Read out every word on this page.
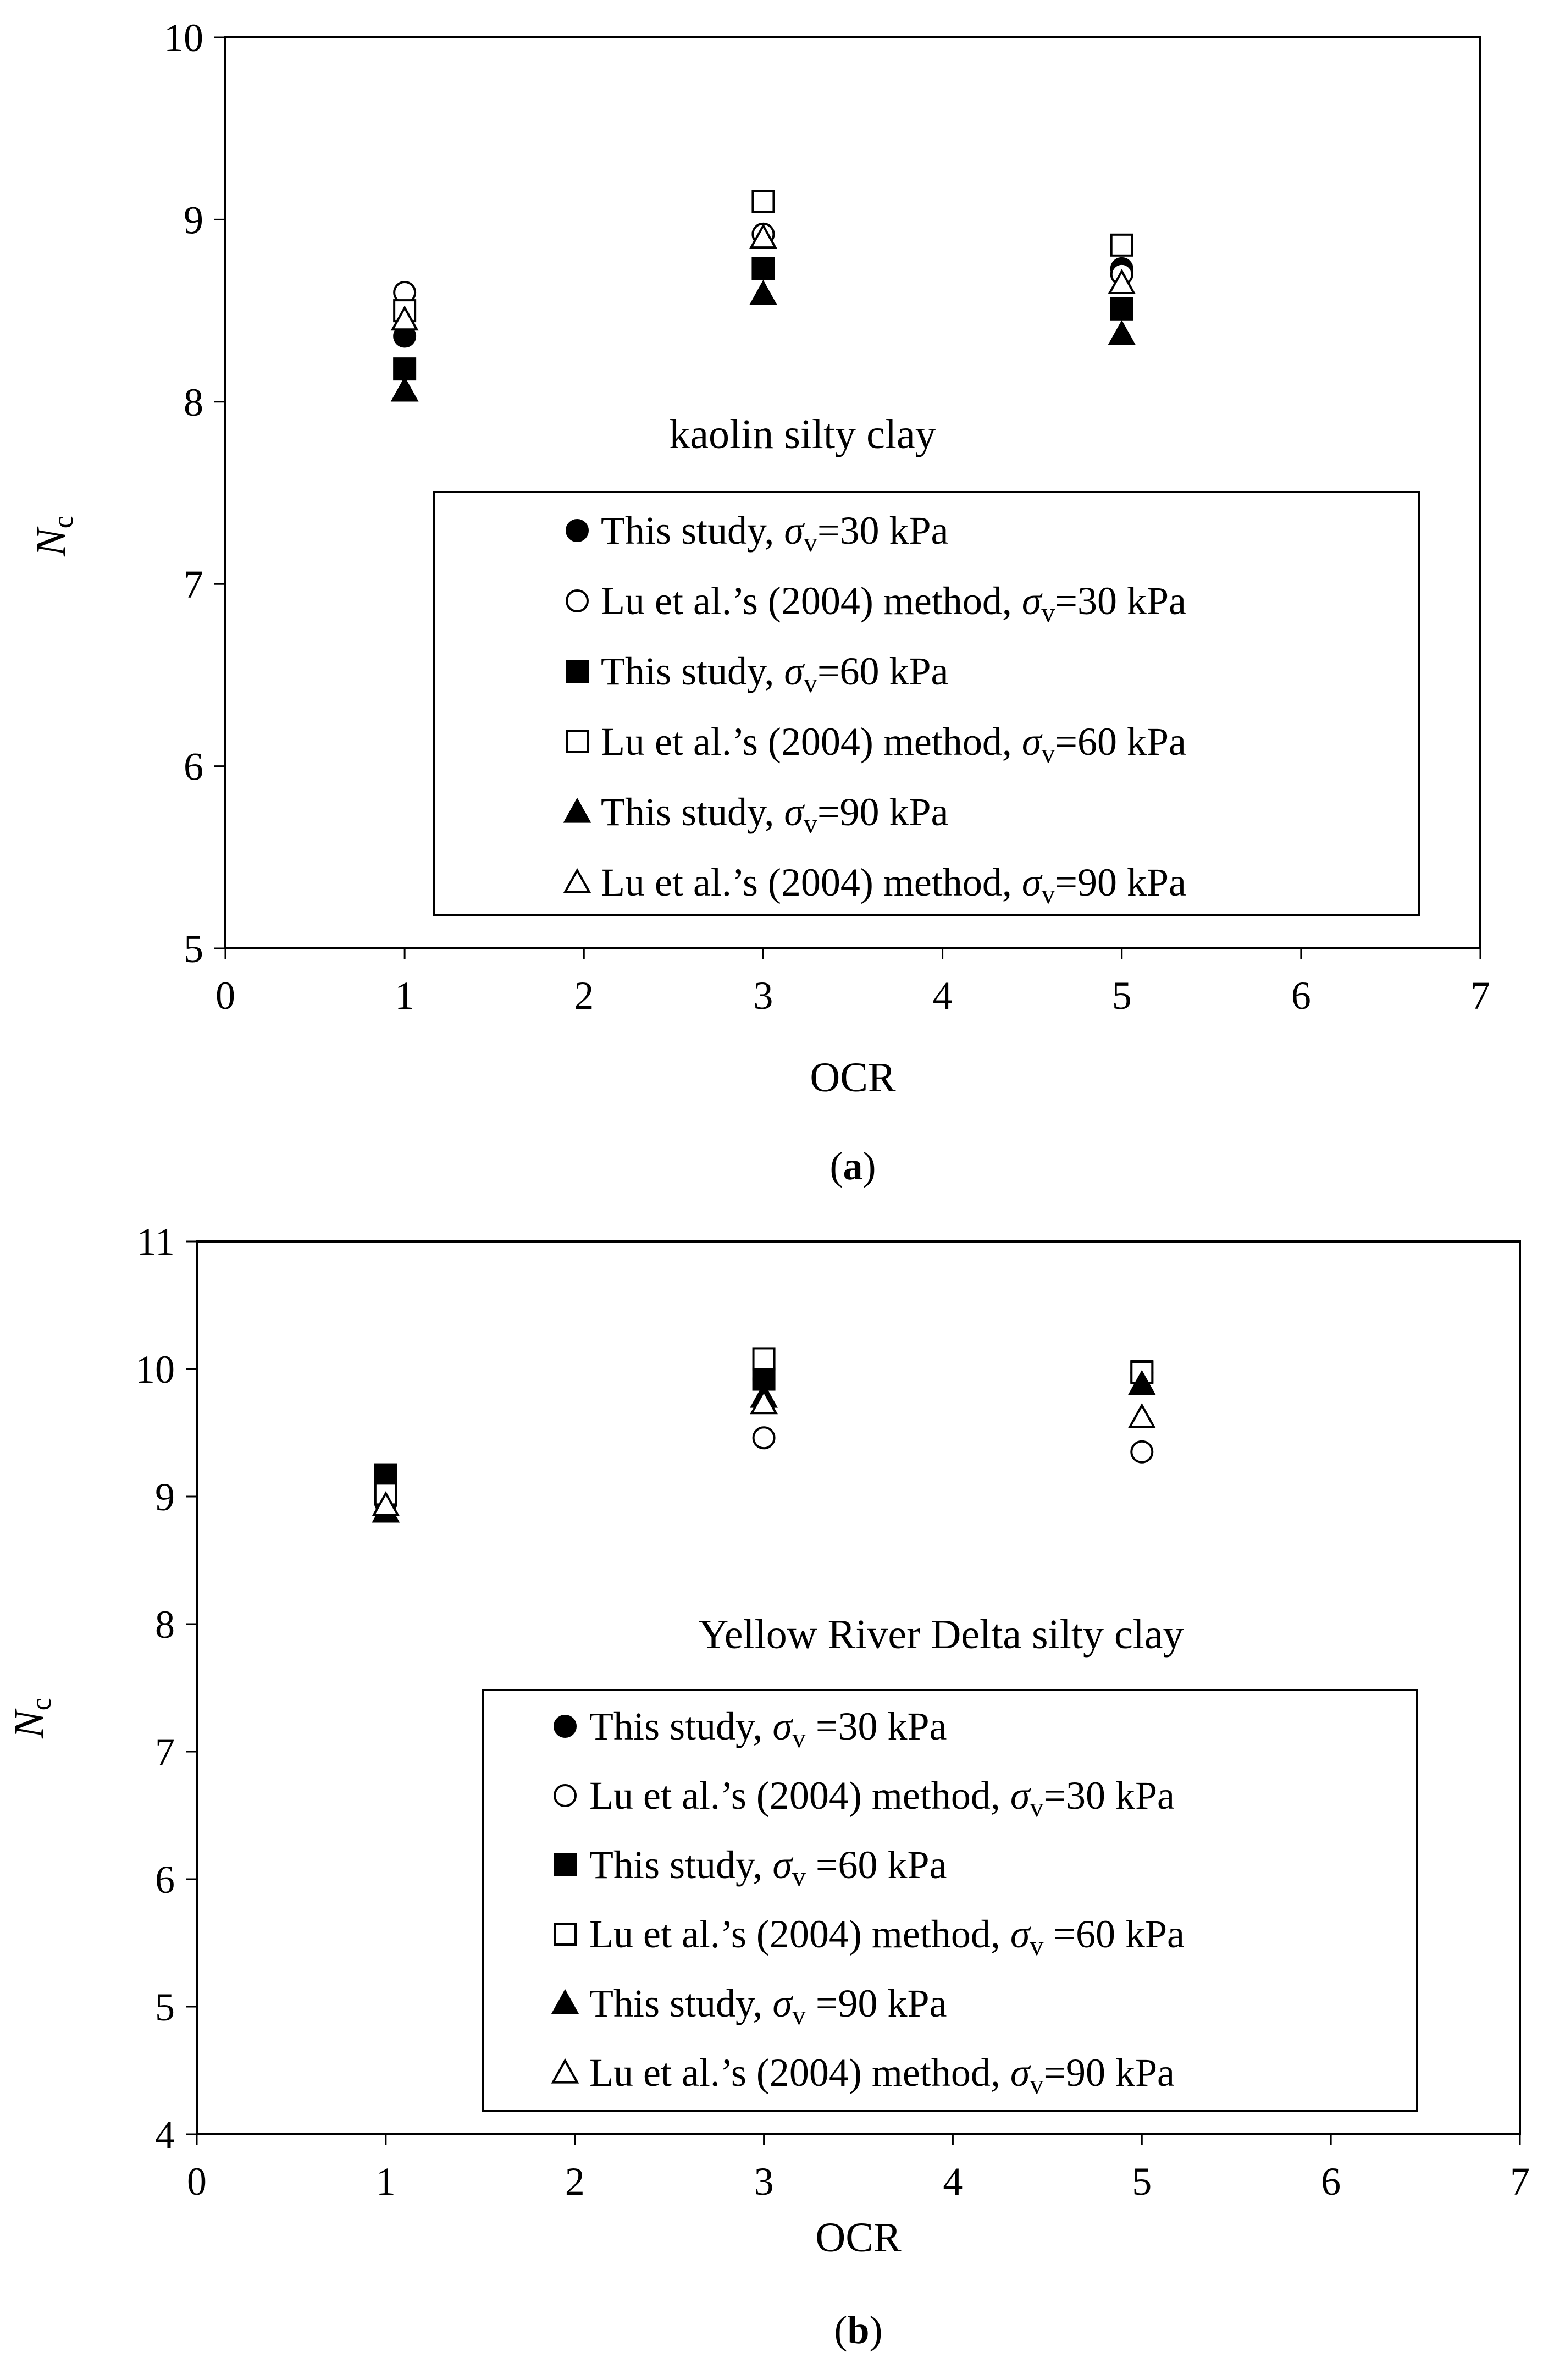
0	1	2	3	4	5	6	7
5
6
7
8
9
10
OCR
Nc
kaolin silty clay
This study, σv=30 kPa
Lu et al.’s (2004) method, σv=30 kPa
This study, σv=60 kPa
Lu et al.’s (2004) method, σv=60 kPa
This study, σv=90 kPa
Lu et al.’s (2004) method, σv=90 kPa
(a)
0	1	2	3	4	5	6	7
4
5
6
7
8
9
10
11
OCR
Nc
Yellow River Delta silty clay
This study, σv =30 kPa
Lu et al.’s (2004) method, σv=30 kPa
This study, σv =60 kPa
Lu et al.’s (2004) method, σv =60 kPa
This study, σv =90 kPa
Lu et al.’s (2004) method, σv=90 kPa
(b)
